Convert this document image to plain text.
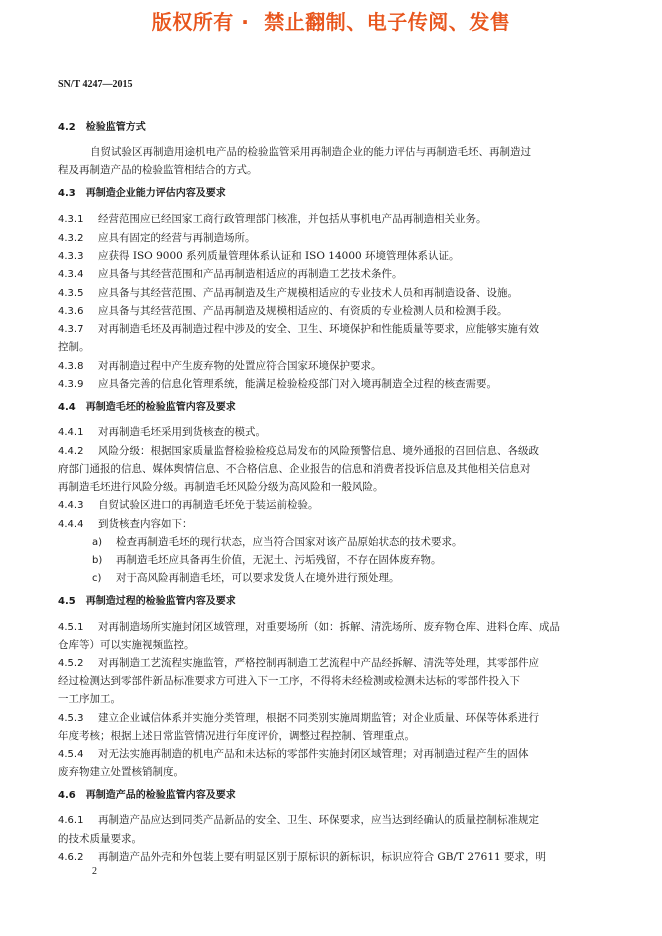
版权所有 ·  禁止翻制、电子传阅、发售
SN/T 4247—2015
4.2 检验监管方式
自贸试验区再制造用途机电产品的检验监管采用再制造企业的能力评估与再制造毛坯、再制造过
程及再制造产品的检验监管相结合的方式。
4.3 再制造企业能力评估内容及要求
4.3.1 经营范围应已经国家工商行政管理部门核准，并包括从事机电产品再制造相关业务。
4.3.2 应具有固定的经营与再制造场所。
4.3.3 应获得 ISO 9000 系列质量管理体系认证和 ISO 14000 环境管理体系认证。
4.3.4 应具备与其经营范围和产品再制造相适应的再制造工艺技术条件。
4.3.5 应具备与其经营范围、产品再制造及生产规模相适应的专业技术人员和再制造设备、设施。
4.3.6 应具备与其经营范围、产品再制造及规模相适应的、有资质的专业检测人员和检测手段。
4.3.7 对再制造毛坯及再制造过程中涉及的安全、卫生、环境保护和性能质量等要求，应能够实施有效
控制。
4.3.8 对再制造过程中产生废弃物的处置应符合国家环境保护要求。
4.3.9 应具备完善的信息化管理系统，能满足检验检疫部门对入境再制造全过程的核查需要。
4.4 再制造毛坯的检验监管内容及要求
4.4.1 对再制造毛坯采用到货核查的模式。
4.4.2 风险分级：根据国家质量监督检验检疫总局发布的风险预警信息、境外通报的召回信息、各级政
府部门通报的信息、媒体舆情信息、不合格信息、企业报告的信息和消费者投诉信息及其他相关信息对
再制造毛坯进行风险分级。再制造毛坯风险分级为高风险和一般风险。
4.4.3 自贸试验区进口的再制造毛坯免于装运前检验。
4.4.4 到货核查内容如下：
a) 检查再制造毛坯的现行状态，应当符合国家对该产品原始状态的技术要求。
b) 再制造毛坯应具备再生价值，无泥土、污垢残留，不存在固体废弃物。
c) 对于高风险再制造毛坯，可以要求发货人在境外进行预处理。
4.5 再制造过程的检验监管内容及要求
4.5.1 对再制造场所实施封闭区域管理，对重要场所（如：拆解、清洗场所、废弃物仓库、进料仓库、成品
仓库等）可以实施视频监控。
4.5.2 对再制造工艺流程实施监管，严格控制再制造工艺流程中产品经拆解、清洗等处理，其零部件应
经过检测达到零部件新品标准要求方可进入下一工序，不得将未经检测或检测未达标的零部件投入下
一工序加工。
4.5.3 建立企业诚信体系并实施分类管理，根据不同类别实施周期监管；对企业质量、环保等体系进行
年度考核；根据上述日常监管情况进行年度评价，调整过程控制、管理重点。
4.5.4 对无法实施再制造的机电产品和未达标的零部件实施封闭区域管理；对再制造过程产生的固体
废弃物建立处置核销制度。
4.6 再制造产品的检验监管内容及要求
4.6.1 再制造产品应达到同类产品新品的安全、卫生、环保要求，应当达到经确认的质量控制标准规定
的技术质量要求。
4.6.2 再制造产品外壳和外包装上要有明显区别于原标识的新标识，标识应符合 GB/T 27611 要求，明
2
